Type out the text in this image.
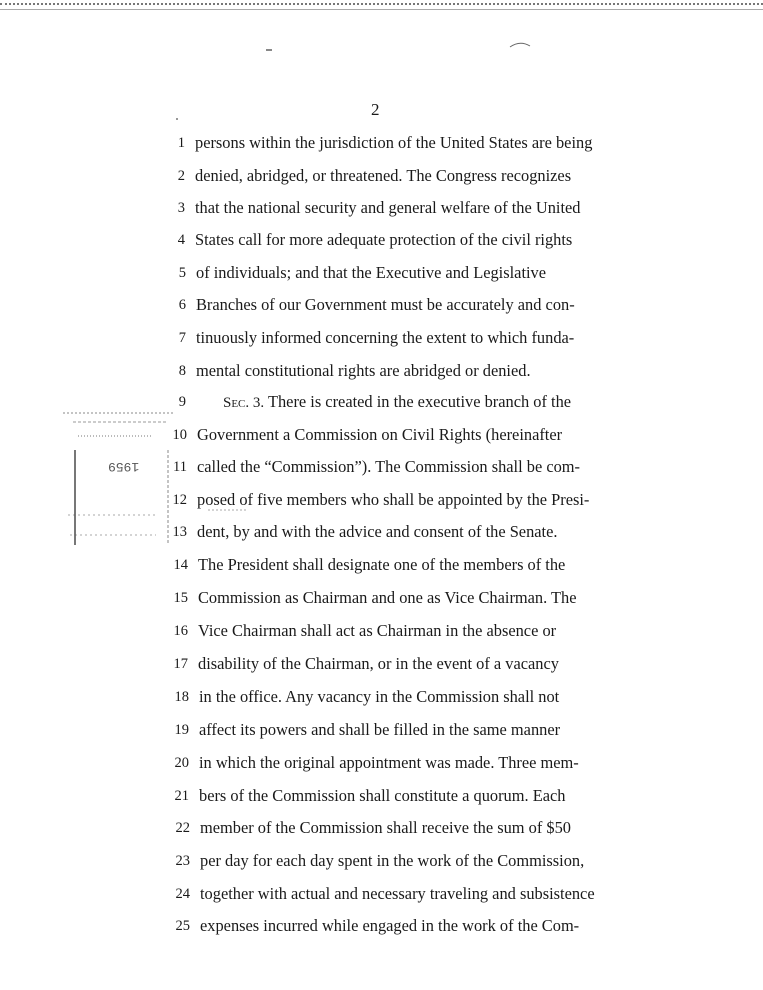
2
1959
1 persons within the jurisdiction of the United States are being
2 denied, abridged, or threatened. The Congress recognizes
3 that the national security and general welfare of the United
4 States call for more adequate protection of the civil rights
5 of individuals; and that the Executive and Legislative
6 Branches of our Government must be accurately and con-
7 tinuously informed concerning the extent to which funda-
8 mental constitutional rights are abridged or denied.
9	Sec. 3. There is created in the executive branch of the
10 Government a Commission on Civil Rights (hereinafter
11 called the “Commission”). The Commission shall be com-
12 posed of five members who shall be appointed by the Presi-
13 dent, by and with the advice and consent of the Senate.
14 The President shall designate one of the members of the
15 Commission as Chairman and one as Vice Chairman. The
16 Vice Chairman shall act as Chairman in the absence or
17 disability of the Chairman, or in the event of a vacancy
18 in the office. Any vacancy in the Commission shall not
19 affect its powers and shall be filled in the same manner
20 in which the original appointment was made. Three mem-
21 bers of the Commission shall constitute a quorum. Each
22 member of the Commission shall receive the sum of $50
23 per day for each day spent in the work of the Commission,
24 together with actual and necessary traveling and subsistence
25 expenses incurred while engaged in the work of the Com-
